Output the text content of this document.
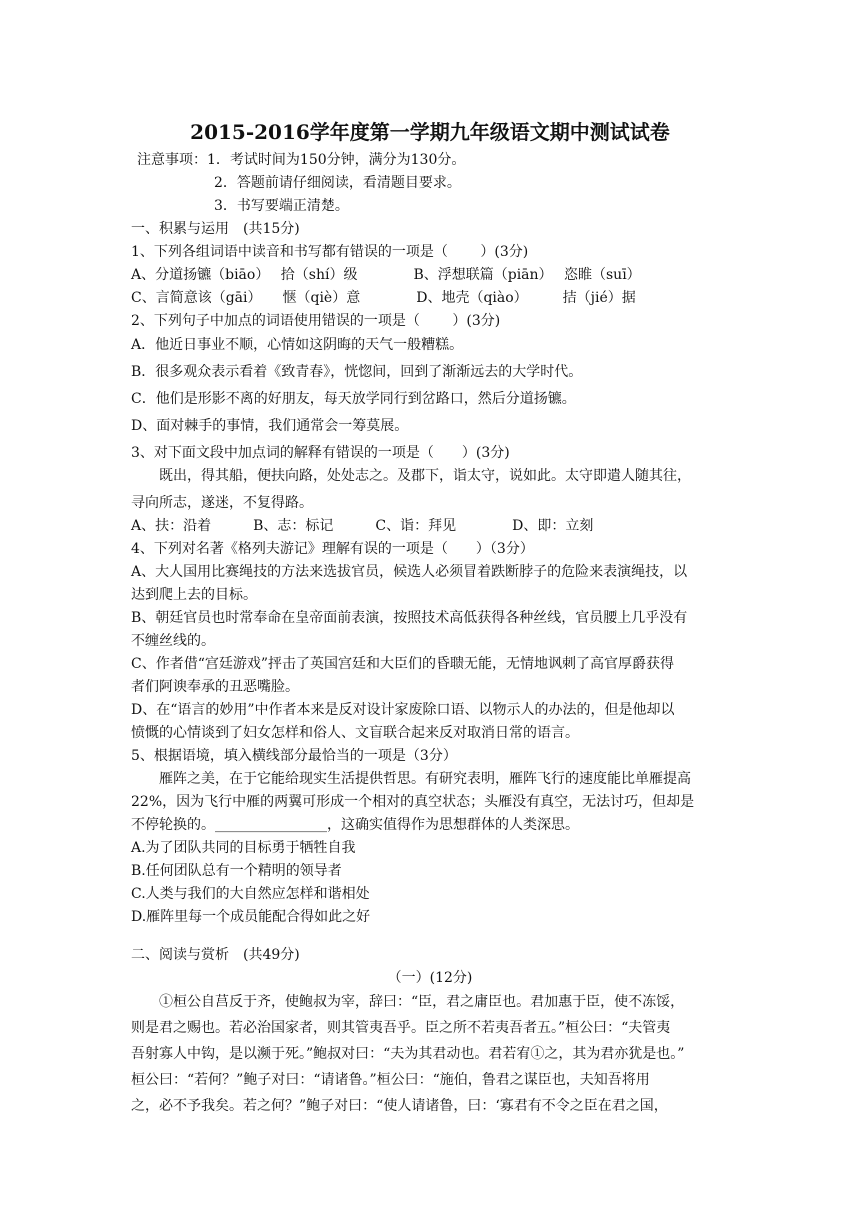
2015-2016学年度第一学期九年级语文期中测试试卷
注意事项：1．考试时间为150分钟，满分为130分。
2．答题前请仔细阅读，看清题目要求。
3．书写要端正清楚。
一、积累与运用　(共15分)
1、下列各组词语中读音和书写都有错误的一项是（　　 ）(3分)
A、分道扬镳（biāo）　 拾（shí）级　　　　B、浮想联篇（piān）　 恣睢（suī）
C、言简意该（gāi）　　惬（qiè）意　　　　D、地壳（qiào）　　　拮（jié）据
2、下列句子中加点的词语使用错误的一项是（　　 ）(3分)
A．他近日事业不顺，心情如这阴晦的天气一般糟糕。
B．很多观众表示看着《致青春》，恍惚间，回到了渐渐远去的大学时代。
C．他们是形影不离的好朋友，每天放学同行到岔路口，然后分道扬镳。
D、面对棘手的事情，我们通常会一筹莫展。
3、对下面文段中加点词的解释有错误的一项是（　　）(3分)
　　既出，得其船，便扶向路，处处志之。及郡下，诣太守，说如此。太守即遣人随其往，
寻向所志，遂迷，不复得路。
A、扶：沿着　　　B、志：标记　　　C、诣：拜见　　　　D、即：立刻
4、下列对名著《格列夫游记》理解有误的一项是（　　）（3分）
A、大人国用比赛绳技的方法来选拔官员，候选人必须冒着跌断脖子的危险来表演绳技，以
达到爬上去的目标。
B、朝廷官员也时常奉命在皇帝面前表演，按照技术高低获得各种丝线，官员腰上几乎没有
不缠丝线的。
C、作者借“宫廷游戏”抨击了英国宫廷和大臣们的昏聩无能，无情地讽刺了高官厚爵获得
者们阿谀奉承的丑恶嘴脸。
D、在“语言的妙用”中作者本来是反对设计家废除口语、以物示人的办法的，但是他却以
愤慨的心情谈到了妇女怎样和俗人、文盲联合起来反对取消日常的语言。
5、根据语境，填入横线部分最恰当的一项是（3分）
　　雁阵之美，在于它能给现实生活提供哲思。有研究表明，雁阵飞行的速度能比单雁提高
22%，因为飞行中雁的两翼可形成一个相对的真空状态；头雁没有真空，无法讨巧，但却是
不停轮换的。________________，这确实值得作为思想群体的人类深思。
A.为了团队共同的目标勇于牺牲自我
B.任何团队总有一个精明的领导者
C.人类与我们的大自然应怎样和谐相处
D.雁阵里每一个成员能配合得如此之好
二、阅读与赏析　(共49分)
（一）(12分)
　　①桓公自莒反于齐，使鲍叔为宰，辞曰：“臣，君之庸臣也。君加惠于臣，使不冻馁，
则是君之赐也。若必治国家者，则其管夷吾乎。臣之所不若夷吾者五。”桓公曰：“夫管夷
吾射寡人中钩，是以濒于死。”鲍叔对曰：“夫为其君动也。君若宥①之，其为君亦犹是也。”
桓公曰：“若何？”鲍子对曰：“请诸鲁。”桓公曰：“施伯，鲁君之谋臣也，夫知吾将用
之，必不予我矣。若之何？”鲍子对曰：“使人请诸鲁，曰：‘寡君有不令之臣在君之国，
